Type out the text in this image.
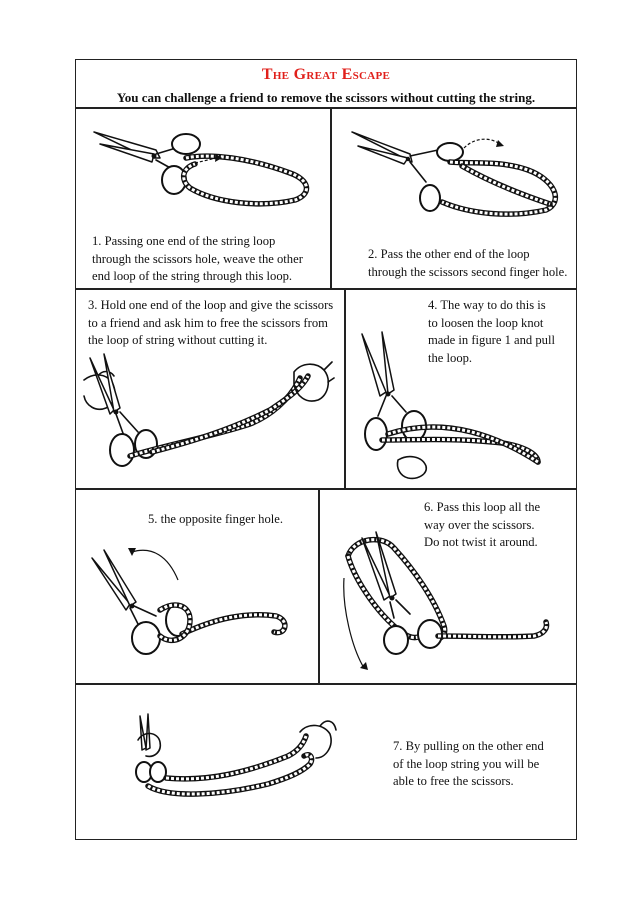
The Great Escape
You can challenge a friend to remove the scissors without cutting the string.
1. Passing one end of the string loop
through the scissors hole, weave the other
end loop of the string through this loop.
2. Pass the other end of the loop
through the scissors second finger hole.
3. Hold one end of the loop and give the scissors
to a friend and ask him to free the scissors from
the loop of string without cutting it.
4. The way to do this is
to loosen the loop knot
made in figure 1 and pull
the loop.
5. the opposite finger hole.
6. Pass this loop all the
way over the scissors.
Do not twist it around.
7. By pulling on the other end
of the loop string you will be
able to free the scissors.
